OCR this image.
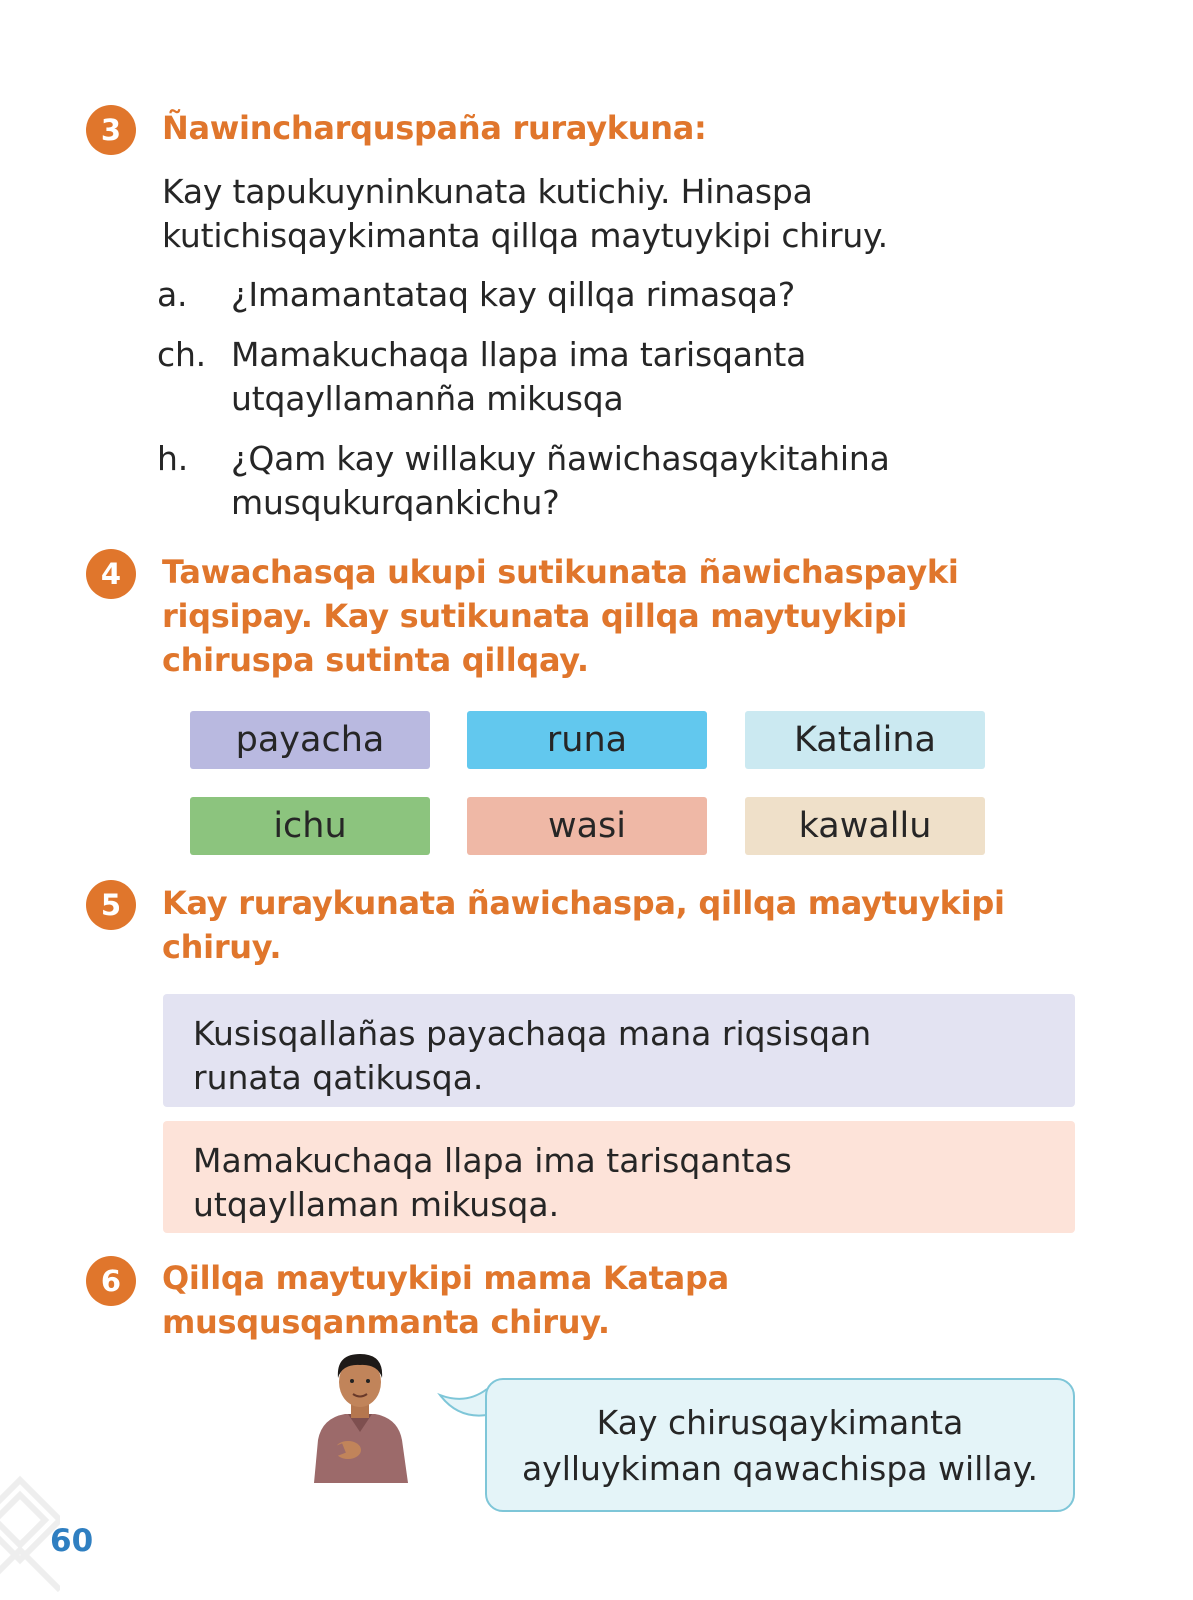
3	Ñawincharquspaña ruraykuna:
Kay tapukuyninkunata kutichiy. Hinaspa
kutichisqaykimanta qillqa maytuykipi chiruy.
a. ¿Imamantataq kay qillqa rimasqa?
ch. Mamakuchaqa llapa ima tarisqanta
utqayllamanña mikusqa
h. ¿Qam kay willakuy ñawichasqaykitahina
musqukurqankichu?
4	Tawachasqa ukupi sutikunata ñawichaspayki
riqsipay. Kay sutikunata qillqa maytuykipi
chiruspa sutinta qillqay.
payacha	runa	Katalina
ichu	wasi	kawallu
5	Kay ruraykunata ñawichaspa, qillqa maytuykipi
chiruy.
Kusisqallañas payachaqa mana riqsisqan
runata qatikusqa.
Mamakuchaqa llapa ima tarisqantas
utqayllaman mikusqa.
6	Qillqa maytuykipi mama Katapa
musqusqanmanta chiruy.
Kay chirusqaykimanta
aylluykiman qawachispa willay.
60
